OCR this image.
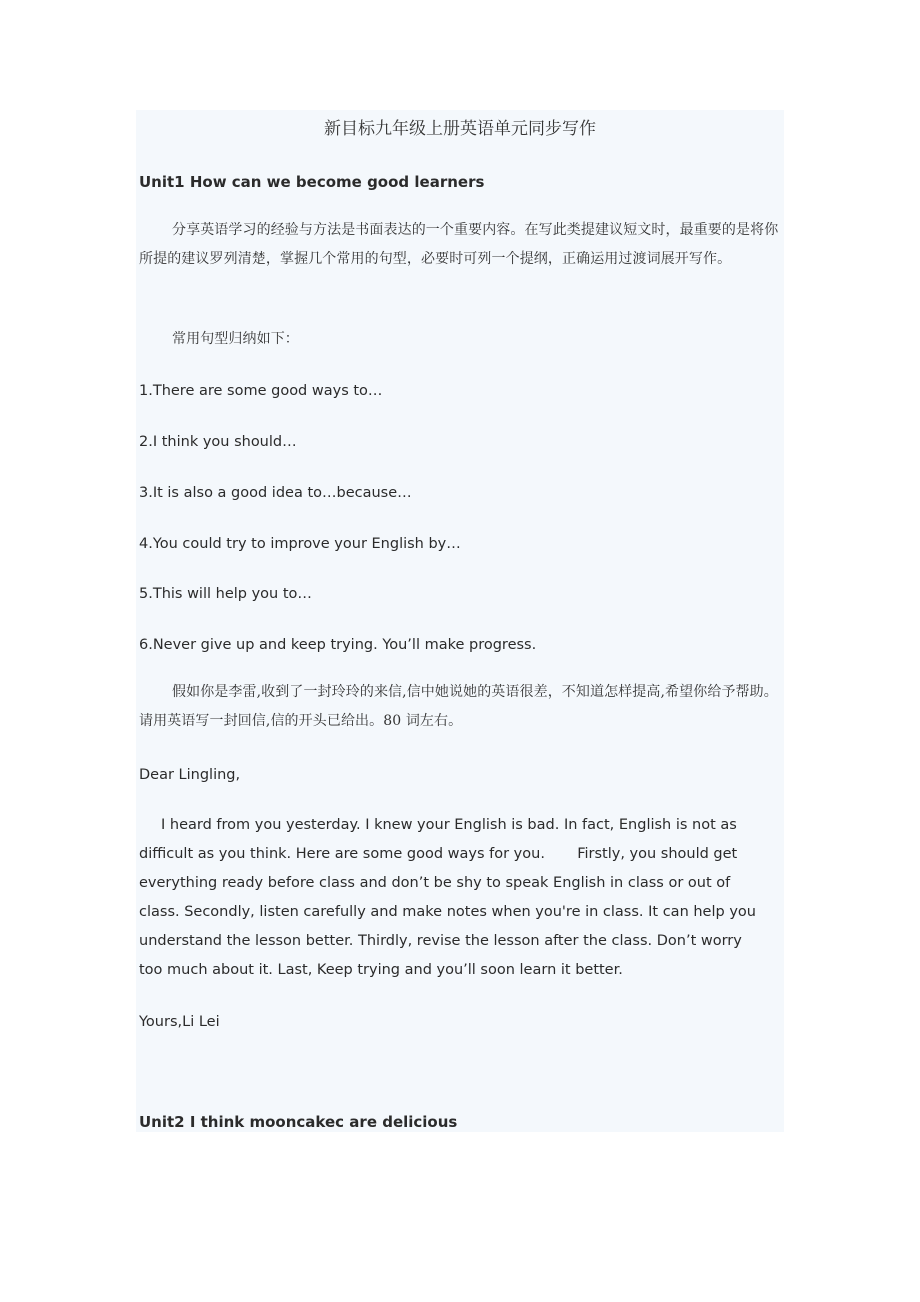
新目标九年级上册英语单元同步写作
Unit1 How can we become good learners

分享英语学习的经验与方法是书面表达的一个重要内容。在写此类提建议短文时，最重要的是将你所提的建议罗列清楚，掌握几个常用的句型，必要时可列一个提纲，正确运用过渡词展开写作。

常用句型归纳如下：

1.There are some good ways to…

2.I think you should…

3.It is also a good idea to…because…

4.You could try to improve your English by…

5.This will help you to…

6.Never give up and keep trying. You’ll make progress.

假如你是李雷,收到了一封玲玲的来信,信中她说她的英语很差，不知道怎样提高,希望你给予帮助。请用英语写一封回信,信的开头已给出。80 词左右。

Dear Lingling,

I heard from you yesterday. I knew your English is bad. In fact, English is not as difficult as you think. Here are some good ways for you.       Firstly, you should get everything ready before class and don’t be shy to speak English in class or out of class. Secondly, listen carefully and make notes when you're in class. It can help you understand the lesson better. Thirdly, revise the lesson after the class. Don’t worry too much about it. Last, Keep trying and you’ll soon learn it better.

Yours,Li Lei

Unit2 I think mooncakec are delicious
